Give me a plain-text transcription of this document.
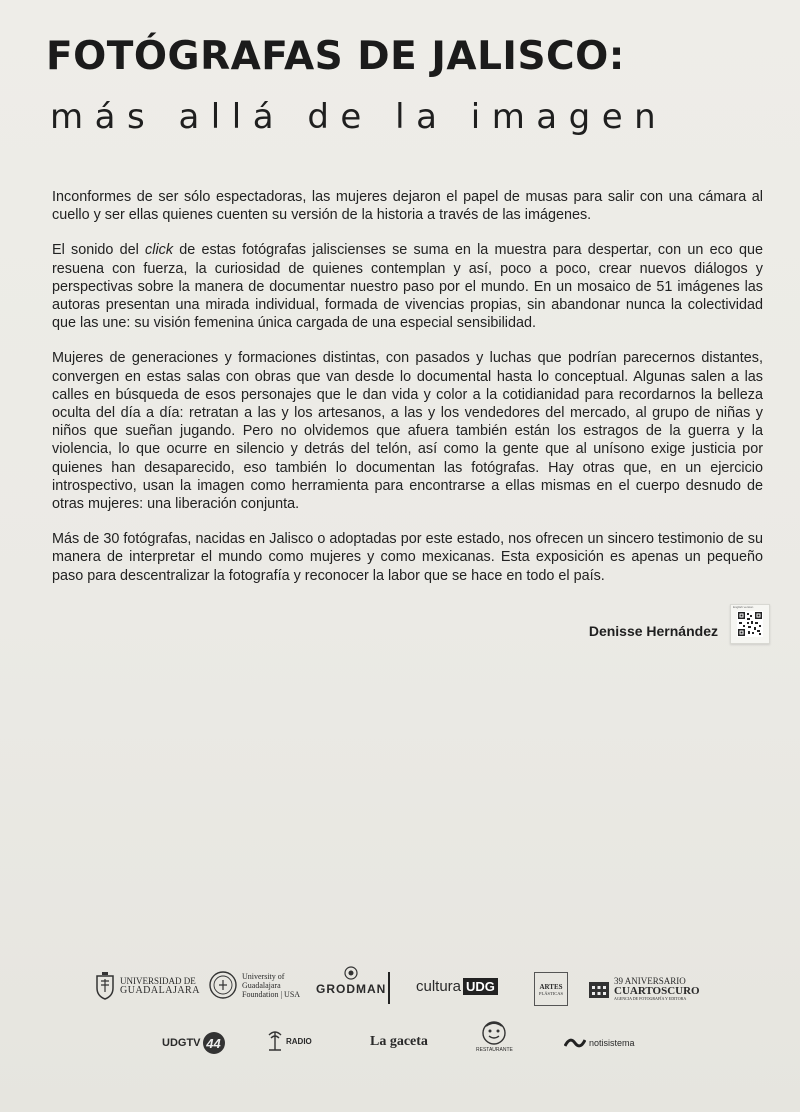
FOTÓGRAFAS DE JALISCO:
más allá de la imagen

Inconformes de ser sólo espectadoras, las mujeres dejaron el papel de musas para salir con una cámara al cuello y ser ellas quienes cuenten su versión de la historia a través de las imágenes.

El sonido del click de estas fotógrafas jaliscienses se suma en la muestra para despertar, con un eco que resuena con fuerza, la curiosidad de quienes contemplan y así, poco a poco, crear nuevos diálogos y perspectivas sobre la manera de documentar nuestro paso por el mundo. En un mosaico de 51 imágenes las autoras presentan una mirada individual, formada de vivencias propias, sin abandonar nunca la colectividad que las une: su visión femenina única cargada de una especial sensibilidad.

Mujeres de generaciones y formaciones distintas, con pasados y luchas que podrían parecernos distantes, convergen en estas salas con obras que van desde lo documental hasta lo conceptual. Algunas salen a las calles en búsqueda de esos personajes que le dan vida y color a la cotidianidad para recordarnos la belleza oculta del día a día: retratan a las y los artesanos, a las y los vendedores del mercado, al grupo de niñas y niños que sueñan jugando. Pero no olvidemos que afuera también están los estragos de la guerra y la violencia, lo que ocurre en silencio y detrás del telón, así como la gente que al unísono exige justicia por quienes han desaparecido, eso también lo documentan las fotógrafas. Hay otras que, en un ejercicio introspectivo, usan la imagen como herramienta para encontrarse a ellas mismas en el cuerpo desnudo de otras mujeres: una liberación conjunta.

Más de 30 fotógrafas, nacidas en Jalisco o adoptadas por este estado, nos ofrecen un sincero testimonio de su manera de interpretar el mundo como mujeres y como mexicanas. Esta exposición es apenas un pequeño paso para descentralizar la fotografía y reconocer la labor que se hace en todo el país.

Denisse Hernández
English version
UNIVERSIDAD DE
GUADALAJARA
University of
Guadalajara
Foundation | USA GRODMAN cultura UDG	ARTES
PLÁSTICAS
39 ANIVERSARIO
CUARTOSCURO
AGENCIA DE FOTOGRAFÍA Y EDITORA
UDGTV 44	RADIO	La gaceta
RESTAURANTE
notisistema
